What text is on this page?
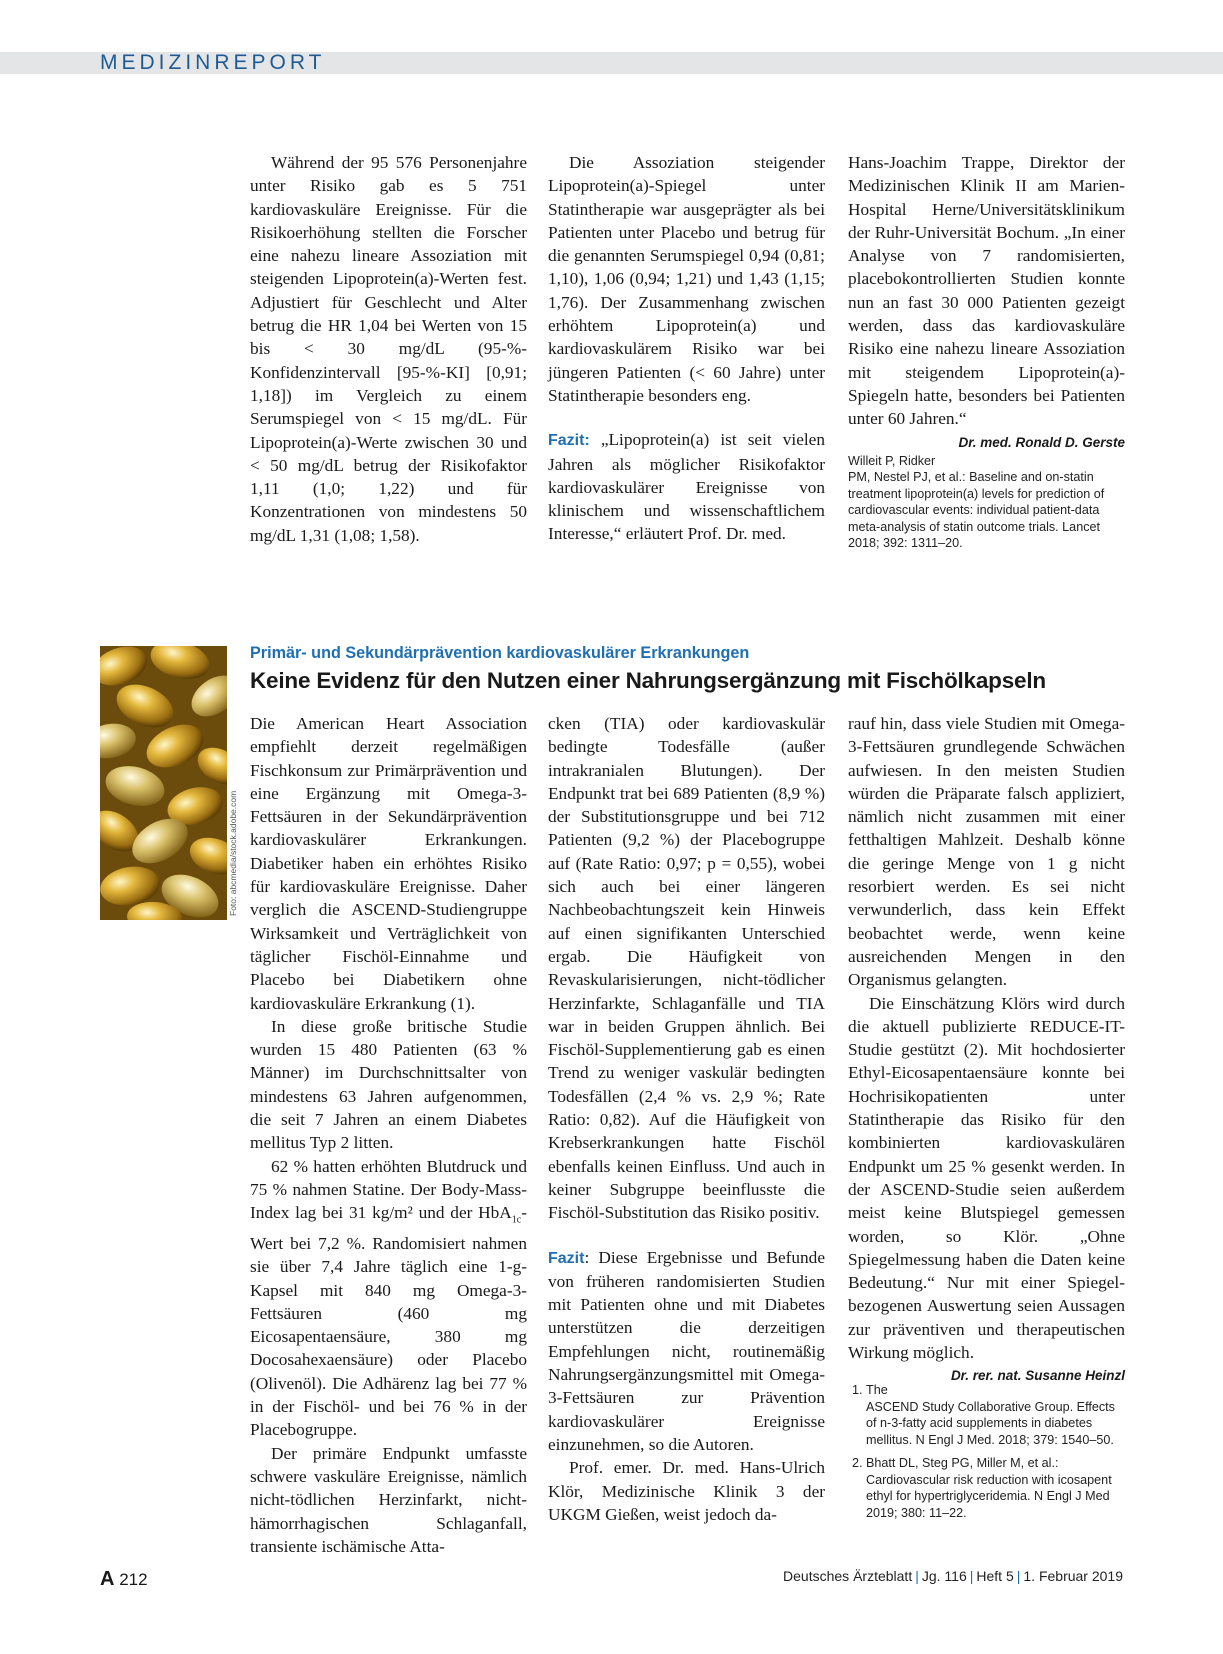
MEDIZINREPORT

Während der 95 576 Personenjahre unter Risiko gab es 5 751 kardiovaskuläre Ereignisse. Für die Risikoerhöhung stellten die Forscher eine nahezu lineare Assoziation mit steigenden Lipoprotein(a)-Werten fest. Adjustiert für Geschlecht und Alter betrug die HR 1,04 bei Werten von 15 bis < 30 mg/dL (95-%-Konfidenzintervall [95-%-KI] [0,91; 1,18]) im Vergleich zu einem Serumspiegel von < 15 mg/dL. Für Lipoprotein(a)-Werte zwischen 30 und < 50 mg/dL betrug der Risikofaktor 1,11 (1,0; 1,22) und für Konzentrationen von mindestens 50 mg/dL 1,31 (1,08; 1,58).

Die Assoziation steigender Lipoprotein(a)-Spiegel unter Statintherapie war ausgeprägter als bei Patienten unter Placebo und betrug für die genannten Serumspiegel 0,94 (0,81; 1,10), 1,06 (0,94; 1,21) und 1,43 (1,15; 1,76). Der Zusammenhang zwischen erhöhtem Lipoprotein(a) und kardiovaskulärem Risiko war bei jüngeren Patienten (< 60 Jahre) unter Statintherapie besonders eng.

Fazit: „Lipoprotein(a) ist seit vielen Jahren als möglicher Risikofaktor kardiovaskulärer Ereignisse von klinischem und wissenschaftlichem Interesse,“ erläutert Prof. Dr. med.

Hans-Joachim Trappe, Direktor der Medizinischen Klinik II am Marien-Hospital Herne/Universitätsklinikum der Ruhr-Universität Bochum. „In einer Analyse von 7 randomisierten, placebokontrollierten Studien konnte nun an fast 30 000 Patienten gezeigt werden, dass das kardiovaskuläre Risiko eine nahezu lineare Assoziation mit steigendem Lipoprotein(a)-Spiegeln hatte, besonders bei Patienten unter 60 Jahren.“
Dr. med. Ronald D. Gerste

Willeit P, Ridker PM, Nestel PJ, et al.: Baseline and on-statin treatment lipoprotein(a) levels for prediction of cardiovascular events: individual patient-data meta-analysis of statin outcome trials. Lancet 2018; 392: 1311–20.

Foto: abcmedia/stock.adobe.com
Primär- und Sekundärprävention kardiovaskulärer Erkrankungen
Keine Evidenz für den Nutzen einer Nahrungsergänzung mit Fischölkapseln

Die American Heart Association empfiehlt derzeit regelmäßigen Fischkonsum zur Primärprävention und eine Ergänzung mit Omega-3-Fettsäuren in der Sekundärprävention kardiovaskulärer Erkrankungen. Diabetiker haben ein erhöhtes Risiko für kardiovaskuläre Ereignisse. Daher verglich die ASCEND-Studiengruppe Wirksamkeit und Verträglichkeit von täglicher Fischöl-Einnahme und Placebo bei Diabetikern ohne kardiovaskuläre Erkrankung (1).

In diese große britische Studie wurden 15 480 Patienten (63 % Männer) im Durchschnittsalter von mindestens 63 Jahren aufgenommen, die seit 7 Jahren an einem Diabetes mellitus Typ 2 litten.

62 % hatten erhöhten Blutdruck und 75 % nahmen Statine. Der Body-Mass-Index lag bei 31 kg/m² und der HbA$_{1c}$-Wert bei 7,2 %. Randomisiert nahmen sie über 7,4 Jahre täglich eine 1-g-Kapsel mit 840 mg Omega-3-Fettsäuren (460 mg Eicosapentaensäure, 380 mg Docosahexaensäure) oder Placebo (Olivenöl). Die Adhärenz lag bei 77 % in der Fischöl- und bei 76 % in der Placebogruppe.

Der primäre Endpunkt umfasste schwere vaskuläre Ereignisse, nämlich nicht-tödlichen Herzinfarkt, nicht-hämorrhagischen Schlaganfall, transiente ischämische Atta-

cken (TIA) oder kardiovaskulär bedingte Todesfälle (außer intrakranialen Blutungen). Der Endpunkt trat bei 689 Patienten (8,9 %) der Substitutionsgruppe und bei 712 Patienten (9,2 %) der Placebogruppe auf (Rate Ratio: 0,97; p = 0,55), wobei sich auch bei einer längeren Nachbeobachtungszeit kein Hinweis auf einen signifikanten Unterschied ergab. Die Häufigkeit von Revaskularisierungen, nicht-tödlicher Herzinfarkte, Schlaganfälle und TIA war in beiden Gruppen ähnlich. Bei Fischöl-Supplementierung gab es einen Trend zu weniger vaskulär bedingten Todesfällen (2,4 % vs. 2,9 %; Rate Ratio: 0,82). Auf die Häufigkeit von Krebserkrankungen hatte Fischöl ebenfalls keinen Einfluss. Und auch in keiner Subgruppe beeinflusste die Fischöl-Substitution das Risiko positiv.

Fazit: Diese Ergebnisse und Befunde von früheren randomisierten Studien mit Patienten ohne und mit Diabetes unterstützen die derzeitigen Empfehlungen nicht, routinemäßig Nahrungsergänzungsmittel mit Omega-3-Fettsäuren zur Prävention kardiovaskulärer Ereignisse einzunehmen, so die Autoren.

Prof. emer. Dr. med. Hans-Ulrich Klör, Medizinische Klinik 3 der UKGM Gießen, weist jedoch da-

rauf hin, dass viele Studien mit Omega-3-Fettsäuren grundlegende Schwächen aufwiesen. In den meisten Studien würden die Präparate falsch appliziert, nämlich nicht zusammen mit einer fetthaltigen Mahlzeit. Deshalb könne die geringe Menge von 1 g nicht resorbiert werden. Es sei nicht verwunderlich, dass kein Effekt beobachtet werde, wenn keine ausreichenden Mengen in den Organismus gelangten.

Die Einschätzung Klörs wird durch die aktuell publizierte REDUCE-IT-Studie gestützt (2). Mit hochdosierter Ethyl-Eicosapentaensäure konnte bei Hochrisikopatienten unter Statintherapie das Risiko für den kombinierten kardiovaskulären Endpunkt um 25 % gesenkt werden. In der ASCEND-Studie seien außerdem meist keine Blutspiegel gemessen worden, so Klör. „Ohne Spiegelmessung haben die Daten keine Bedeutung.“ Nur mit einer Spiegel-bezogenen Auswertung seien Aussagen zur präventiven und therapeutischen Wirkung möglich.
Dr. rer. nat. Susanne Heinzl

1. The ASCEND Study Collaborative Group. Effects of n-3-fatty acid supplements in diabetes mellitus. N Engl J Med. 2018; 379: 1540–50.
2. Bhatt DL, Steg PG, Miller M, et al.: Cardiovascular risk reduction with icosapent ethyl for hypertriglyceridemia. N Engl J Med 2019; 380: 11–22.
A 212	Deutsches Ärzteblatt | Jg. 116 | Heft 5 | 1. Februar 2019
